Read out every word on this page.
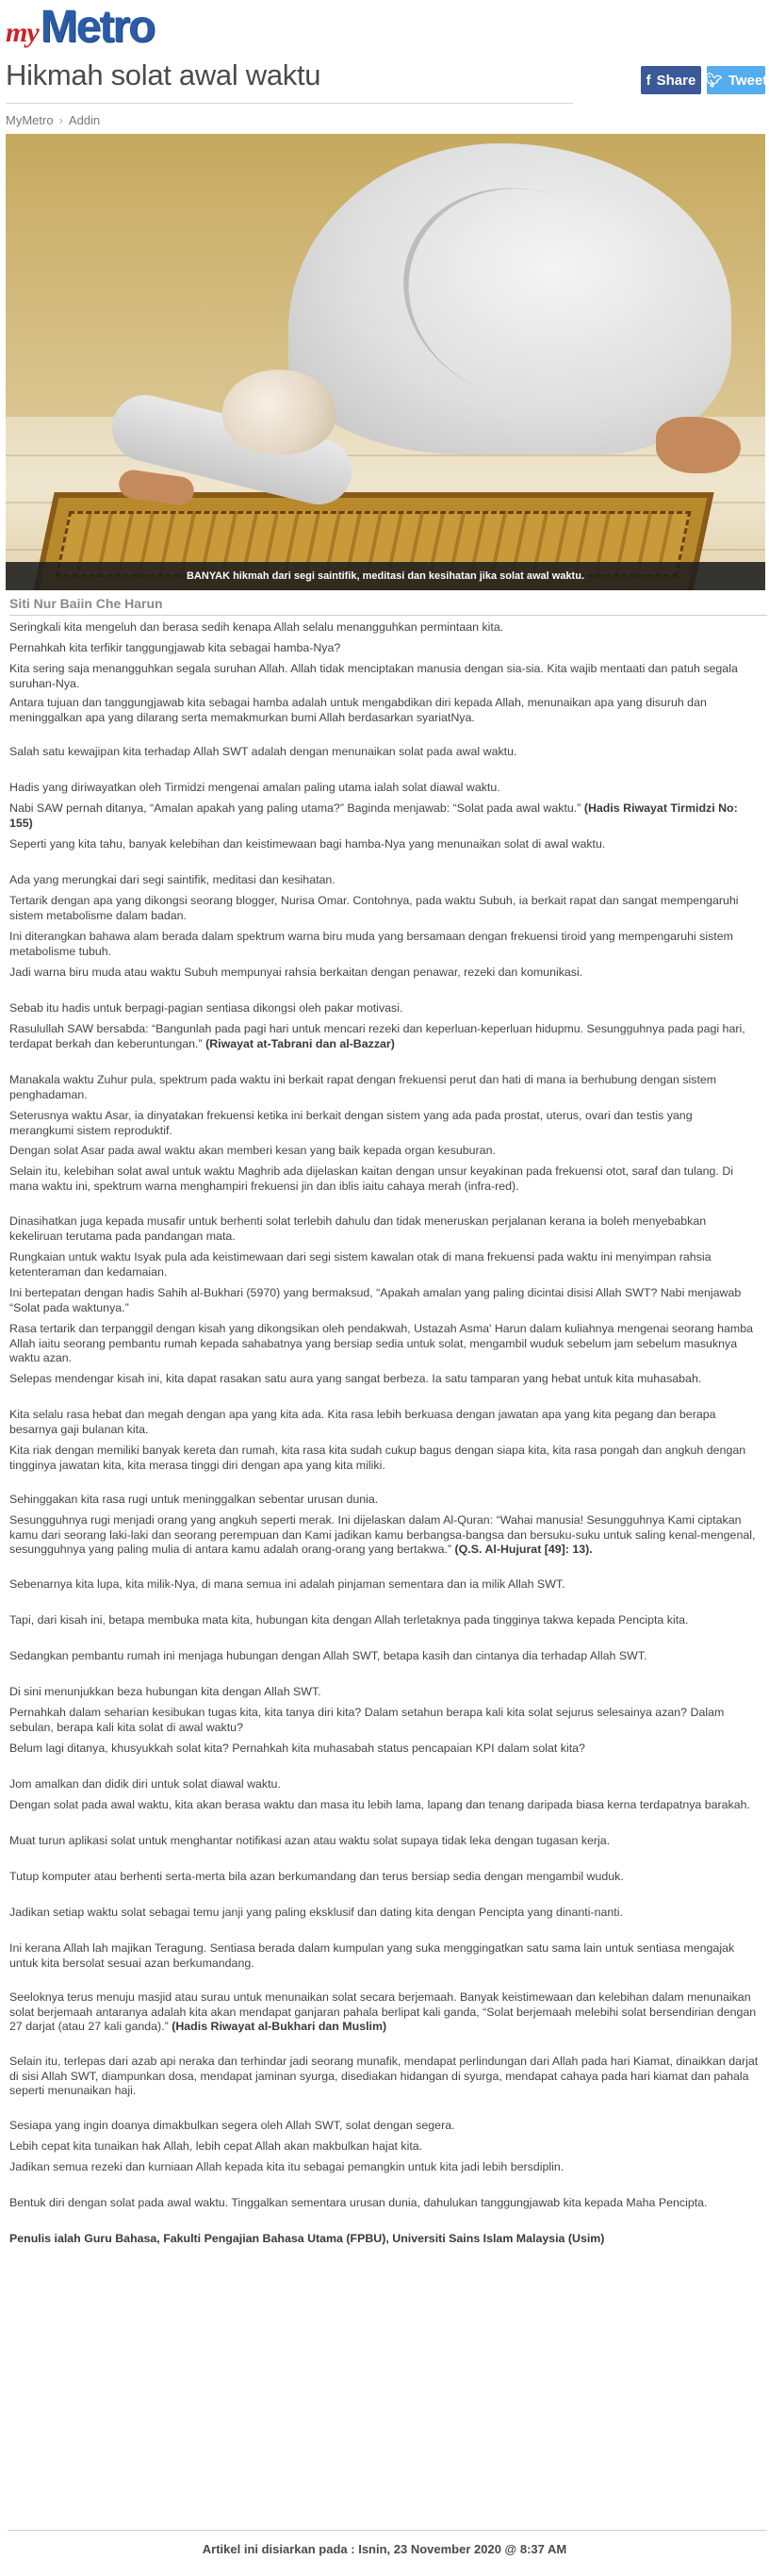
my Metro
Hikmah solat awal waktu	f Share 🐦︎ Tweet
MyMetro › Addin
BANYAK hikmah dari segi saintifik, meditasi dan kesihatan jika solat awal waktu.
Siti Nur Baiin Che Harun

Seringkali kita mengeluh dan berasa sedih kenapa Allah selalu menangguhkan permintaan kita.

Pernahkah kita terfikir tanggungjawab kita sebagai hamba-Nya?

Kita sering saja menangguhkan segala suruhan Allah. Allah tidak menciptakan manusia dengan sia-sia. Kita wajib mentaati dan patuh segala suruhan-Nya.

Antara tujuan dan tanggungjawab kita sebagai hamba adalah untuk mengabdikan diri kepada Allah, menunaikan apa yang disuruh dan meninggalkan apa yang dilarang serta memakmurkan bumi Allah berdasarkan syariatNya.

Salah satu kewajipan kita terhadap Allah SWT adalah dengan menunaikan solat pada awal waktu.

Hadis yang diriwayatkan oleh Tirmidzi mengenai amalan paling utama ialah solat diawal waktu.

Nabi SAW pernah ditanya, “Amalan apakah yang paling utama?” Baginda menjawab: “Solat pada awal waktu.” (Hadis Riwayat Tirmidzi No: 155)

Seperti yang kita tahu, banyak kelebihan dan keistimewaan bagi hamba-Nya yang menunaikan solat di awal waktu.

Ada yang merungkai dari segi saintifik, meditasi dan kesihatan.

Tertarik dengan apa yang dikongsi seorang blogger, Nurisa Omar. Contohnya, pada waktu Subuh, ia berkait rapat dan sangat mempengaruhi sistem metabolisme dalam badan.

Ini diterangkan bahawa alam berada dalam spektrum warna biru muda yang bersamaan dengan frekuensi tiroid yang mempengaruhi sistem metabolisme tubuh.

Jadi warna biru muda atau waktu Subuh mempunyai rahsia berkaitan dengan penawar, rezeki dan komunikasi.

Sebab itu hadis untuk berpagi-pagian sentiasa dikongsi oleh pakar motivasi.

Rasulullah SAW bersabda: “Bangunlah pada pagi hari untuk mencari rezeki dan keperluan-keperluan hidupmu. Sesungguhnya pada pagi hari, terdapat berkah dan keberuntungan.” (Riwayat at-Tabrani dan al-Bazzar)

Manakala waktu Zuhur pula, spektrum pada waktu ini berkait rapat dengan frekuensi perut dan hati di mana ia berhubung dengan sistem penghadaman.

Seterusnya waktu Asar, ia dinyatakan frekuensi ketika ini berkait dengan sistem yang ada pada prostat, uterus, ovari dan testis yang merangkumi sistem reproduktif.

Dengan solat Asar pada awal waktu akan memberi kesan yang baik kepada organ kesuburan.

Selain itu, kelebihan solat awal untuk waktu Maghrib ada dijelaskan kaitan dengan unsur keyakinan pada frekuensi otot, saraf dan tulang. Di mana waktu ini, spektrum warna menghampiri frekuensi jin dan iblis iaitu cahaya merah (infra-red).

Dinasihatkan juga kepada musafir untuk berhenti solat terlebih dahulu dan tidak meneruskan perjalanan kerana ia boleh menyebabkan kekeliruan terutama pada pandangan mata.

Rungkaian untuk waktu Isyak pula ada keistimewaan dari segi sistem kawalan otak di mana frekuensi pada waktu ini menyimpan rahsia ketenteraman dan kedamaian.

Ini bertepatan dengan hadis Sahih al-Bukhari (5970) yang bermaksud, “Apakah amalan yang paling dicintai disisi Allah SWT? Nabi menjawab “Solat pada waktunya.”

Rasa tertarik dan terpanggil dengan kisah yang dikongsikan oleh pendakwah, Ustazah Asma' Harun dalam kuliahnya mengenai seorang hamba Allah iaitu seorang pembantu rumah kepada sahabatnya yang bersiap sedia untuk solat, mengambil wuduk sebelum jam sebelum masuknya waktu azan.

Selepas mendengar kisah ini, kita dapat rasakan satu aura yang sangat berbeza. Ia satu tamparan yang hebat untuk kita muhasabah.

Kita selalu rasa hebat dan megah dengan apa yang kita ada. Kita rasa lebih berkuasa dengan jawatan apa yang kita pegang dan berapa besarnya gaji bulanan kita.

Kita riak dengan memiliki banyak kereta dan rumah, kita rasa kita sudah cukup bagus dengan siapa kita, kita rasa pongah dan angkuh dengan tingginya jawatan kita, kita merasa tinggi diri dengan apa yang kita miliki.

Sehinggakan kita rasa rugi untuk meninggalkan sebentar urusan dunia.

Sesungguhnya rugi menjadi orang yang angkuh seperti merak. Ini dijelaskan dalam Al-Quran: “Wahai manusia! Sesungguhnya Kami ciptakan kamu dari seorang laki-laki dan seorang perempuan dan Kami jadikan kamu berbangsa-bangsa dan bersuku-suku untuk saling kenal-mengenal, sesungguhnya yang paling mulia di antara kamu adalah orang-orang yang bertakwa.” (Q.S. Al-Hujurat [49]: 13).

Sebenarnya kita lupa, kita milik-Nya, di mana semua ini adalah pinjaman sementara dan ia milik Allah SWT.

Tapi, dari kisah ini, betapa membuka mata kita, hubungan kita dengan Allah terletaknya pada tingginya takwa kepada Pencipta kita.

Sedangkan pembantu rumah ini menjaga hubungan dengan Allah SWT, betapa kasih dan cintanya dia terhadap Allah SWT.

Di sini menunjukkan beza hubungan kita dengan Allah SWT.

Pernahkah dalam seharian kesibukan tugas kita, kita tanya diri kita? Dalam setahun berapa kali kita solat sejurus selesainya azan? Dalam sebulan, berapa kali kita solat di awal waktu?

Belum lagi ditanya, khusyukkah solat kita? Pernahkah kita muhasabah status pencapaian KPI dalam solat kita?

Jom amalkan dan didik diri untuk solat diawal waktu.

Dengan solat pada awal waktu, kita akan berasa waktu dan masa itu lebih lama, lapang dan tenang daripada biasa kerna terdapatnya barakah.

Muat turun aplikasi solat untuk menghantar notifikasi azan atau waktu solat supaya tidak leka dengan tugasan kerja.

Tutup komputer atau berhenti serta-merta bila azan berkumandang dan terus bersiap sedia dengan mengambil wuduk.

Jadikan setiap waktu solat sebagai temu janji yang paling eksklusif dan dating kita dengan Pencipta yang dinanti-nanti.

Ini kerana Allah lah majikan Teragung. Sentiasa berada dalam kumpulan yang suka menggingatkan satu sama lain untuk sentiasa mengajak untuk kita bersolat sesuai azan berkumandang.

Seeloknya terus menuju masjid atau surau untuk menunaikan solat secara berjemaah. Banyak keistimewaan dan kelebihan dalam menunaikan solat berjemaah antaranya adalah kita akan mendapat ganjaran pahala berlipat kali ganda, “Solat berjemaah melebihi solat bersendirian dengan 27 darjat (atau 27 kali ganda).” (Hadis Riwayat al-Bukhari dan Muslim)

Selain itu, terlepas dari azab api neraka dan terhindar jadi seorang munafik, mendapat perlindungan dari Allah pada hari Kiamat, dinaikkan darjat di sisi Allah SWT, diampunkan dosa, mendapat jaminan syurga, disediakan hidangan di syurga, mendapat cahaya pada hari kiamat dan pahala seperti menunaikan haji.

Sesiapa yang ingin doanya dimakbulkan segera oleh Allah SWT, solat dengan segera.

Lebih cepat kita tunaikan hak Allah, lebih cepat Allah akan makbulkan hajat kita.

Jadikan semua rezeki dan kurniaan Allah kepada kita itu sebagai pemangkin untuk kita jadi lebih bersdiplin.

Bentuk diri dengan solat pada awal waktu. Tinggalkan sementara urusan dunia, dahulukan tanggungjawab kita kepada Maha Pencipta.

Penulis ialah Guru Bahasa, Fakulti Pengajian Bahasa Utama (FPBU), Universiti Sains Islam Malaysia (Usim)

Artikel ini disiarkan pada : Isnin, 23 November 2020 @ 8:37 AM
